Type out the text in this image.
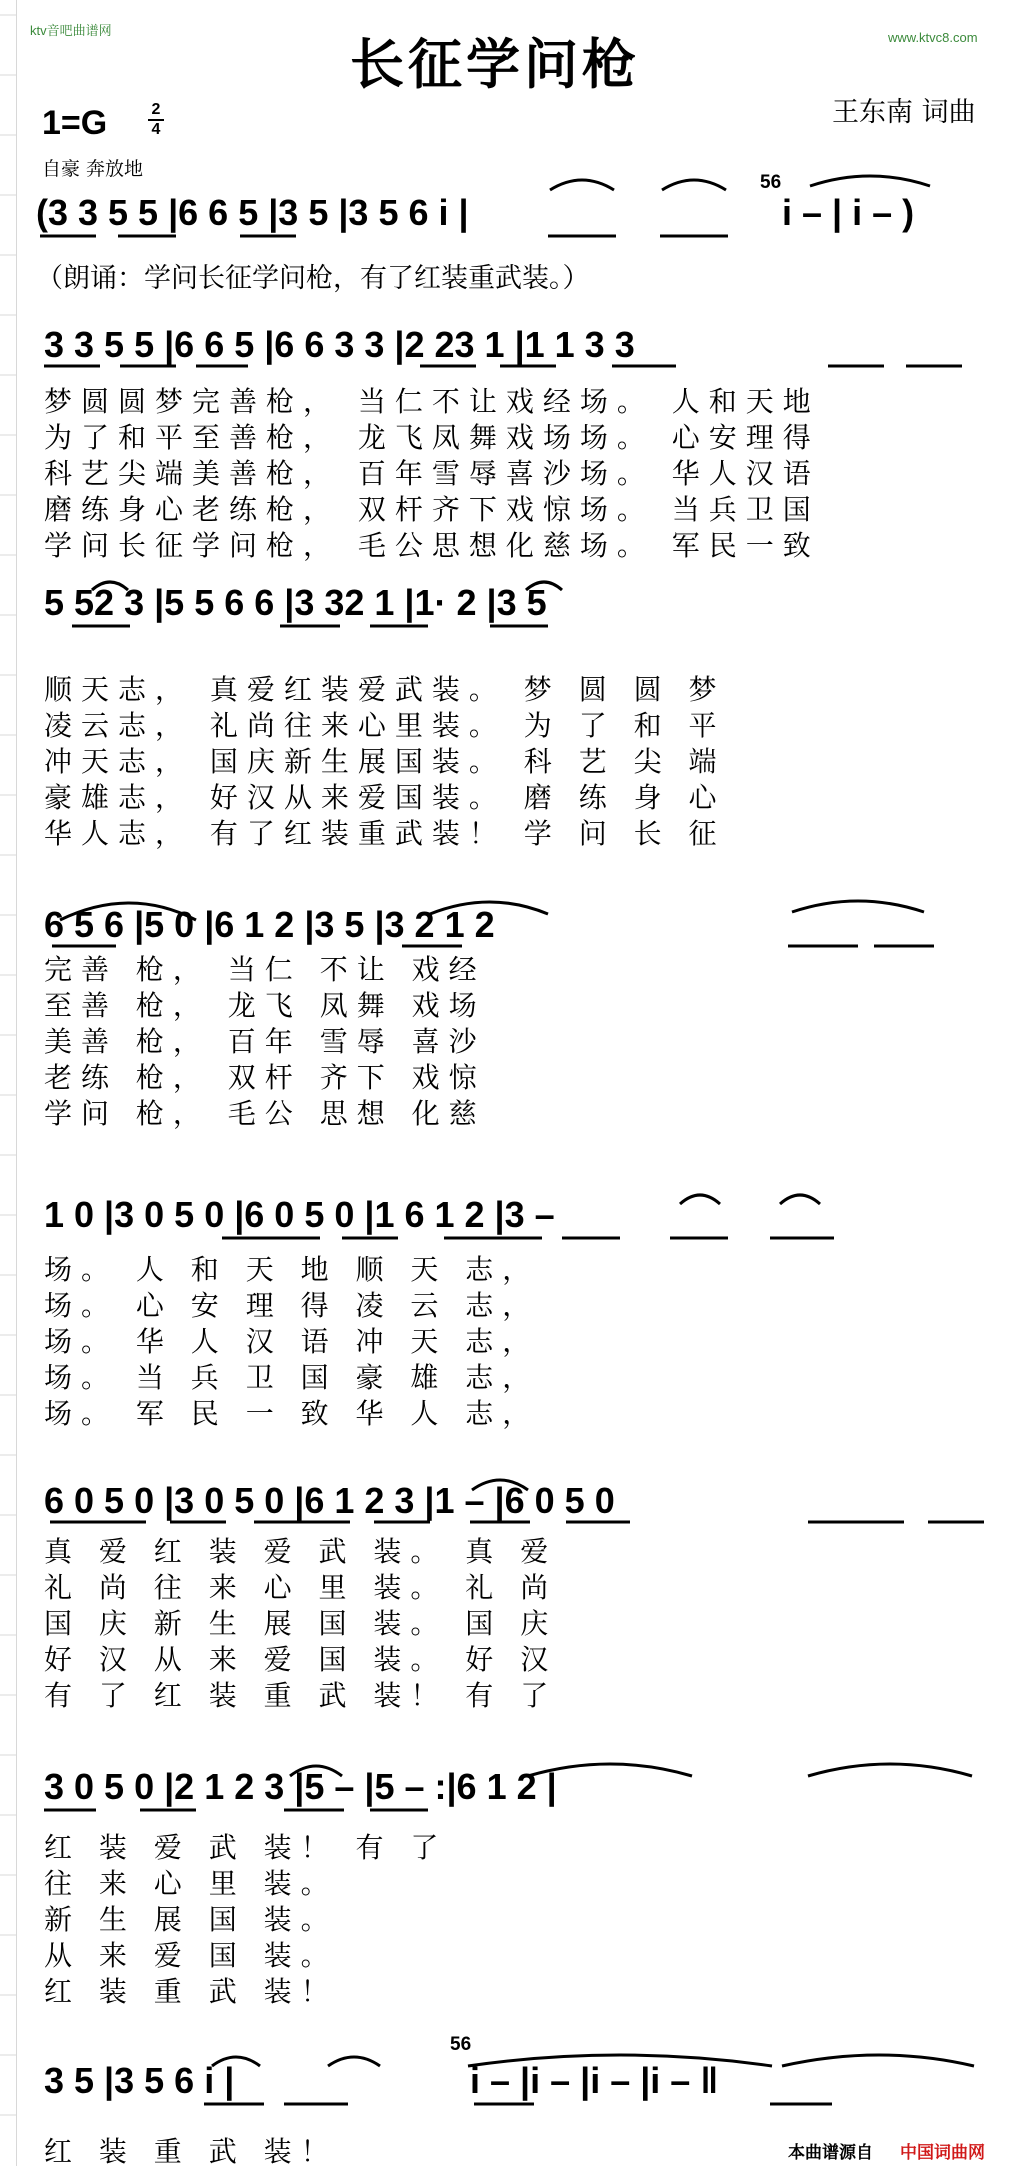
ktv音吧曲谱网	www.ktvc8.com
长征学问枪
王东南 词曲
1=G	2
4
自豪 奔放地
(3 3 5 5 |6 6 5 |3 5 |3 5 6 i |
56
i – | i – )
（朗诵：学问长征学问枪，有了红装重武装。）
3 3 5 5 |6 6 5 |6 6 3 3 |2 23 1 |1 1 3 3
梦圆圆梦完善枪， 当仁不让戏经场。 人和天地
为了和平至善枪， 龙飞凤舞戏场场。 心安理得
科艺尖端美善枪， 百年雪辱喜沙场。 华人汉语
磨练身心老练枪， 双杆齐下戏惊场。 当兵卫国
学问长征学问枪， 毛公思想化慈场。 军民一致
5 52 3 |5 5 6 6 |3 32 1 |1· 2 |3 5
顺天志， 真爱红装爱武装。 梦 圆 圆 梦
凌云志， 礼尚往来心里装。 为 了 和 平
冲天志， 国庆新生展国装。 科 艺 尖 端
豪雄志， 好汉从来爱国装。 磨 练 身 心
华人志， 有了红装重武装！ 学 问 长 征
6 5 6 |5 0 |6 1 2 |3 5 |3 2 1 2
完善 枪， 当仁 不让 戏经
至善 枪， 龙飞 凤舞 戏场
美善 枪， 百年 雪辱 喜沙
老练 枪， 双杆 齐下 戏惊
学问 枪， 毛公 思想 化慈
1 0 |3 0 5 0 |6 0 5 0 |1 6 1 2 |3 –
场。 人 和 天 地 顺 天 志，
场。 心 安 理 得 凌 云 志，
场。 华 人 汉 语 冲 天 志，
场。 当 兵 卫 国 豪 雄 志，
场。 军 民 一 致 华 人 志，
6 0 5 0 |3 0 5 0 |6 1 2 3 |1 – |6 0 5 0
真 爱 红 装 爱 武 装。 真 爱
礼 尚 往 来 心 里 装。 礼 尚
国 庆 新 生 展 国 装。 国 庆
好 汉 从 来 爱 国 装。 好 汉
有 了 红 装 重 武 装！ 有 了
3 0 5 0 |2 1 2 3 |5 – |5 – :|6 1 2 |
红 装 爱 武 装！ 有 了
往 来 心 里 装。
新 生 展 国 装。
从 来 爱 国 装。
红 装 重 武 装！
3 5 |3 5 6 i |
56
i – |i – |i – |i – ‖
红 装 重 武 装！	本曲谱源自 中国词曲网
